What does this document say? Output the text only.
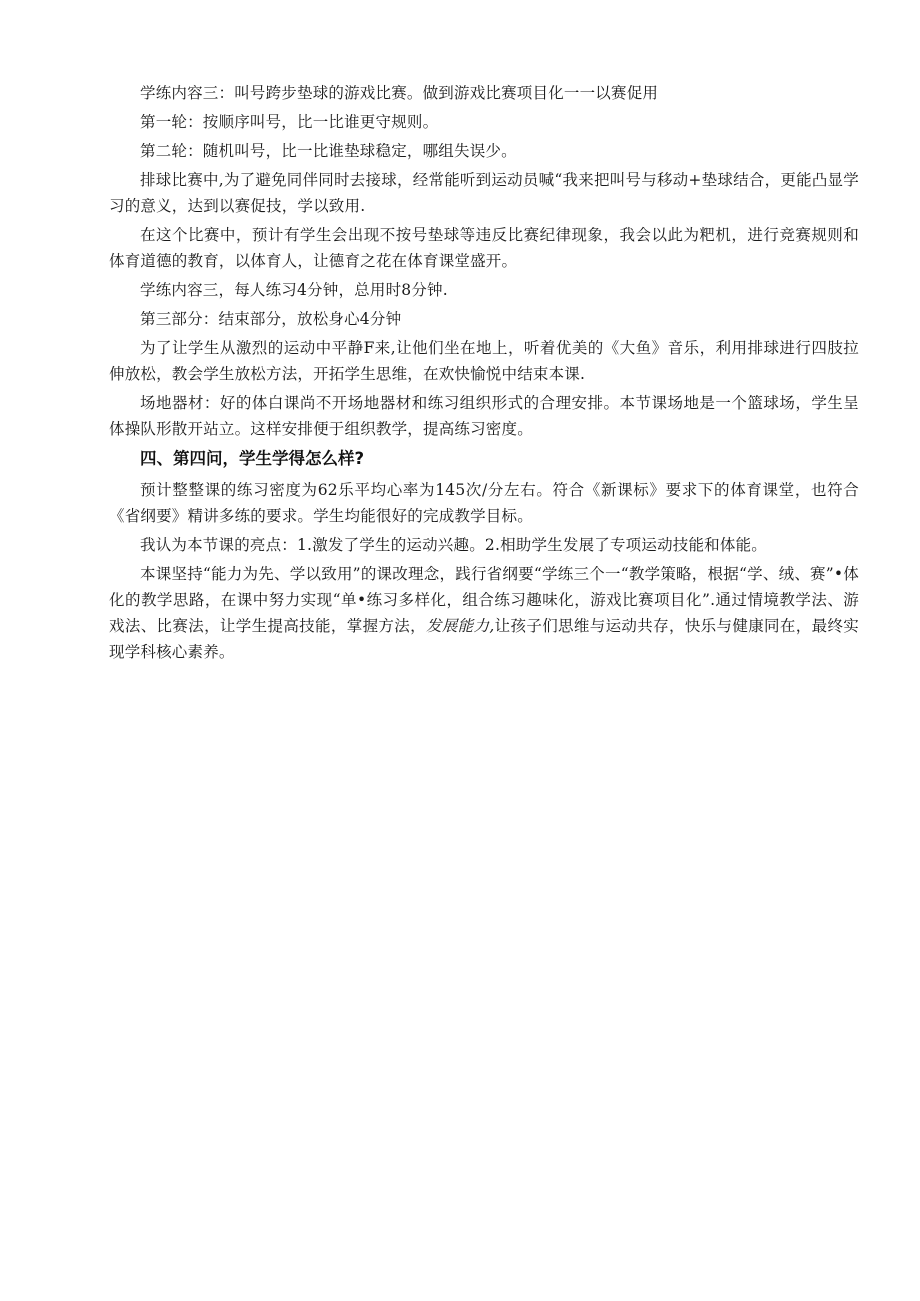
学练内容三：叫号跨步垫球的游戏比赛。做到游戏比赛项目化一一以赛促用

第一轮：按顺序叫号，比一比谁更守规则。

第二轮：随机叫号，比一比谁垫球稳定，哪组失误少。

排球比赛中,为了避免同伴同时去接球，经常能听到运动员喊“我来把叫号与移动+垫球结合，更能凸显学习的意义，达到以赛促技，学以致用.

在这个比赛中，预计有学生会出现不按号垫球等违反比赛纪律现象，我会以此为粑机，进行竞赛规则和体育道德的教育，以体育人，让德育之花在体育课堂盛开。

学练内容三，每人练习4分钟，总用时8分钟.

第三部分：结束部分，放松身心4分钟

为了让学生从激烈的运动中平静F来,让他们坐在地上，听着优美的《大鱼》音乐，利用排球进行四肢拉伸放松，教会学生放松方法，开拓学生思维，在欢快愉悦中结束本课.

场地器材：好的体白课尚不开场地器材和练习组织形式的合理安排。本节课场地是一个篮球场，学生呈体操队形散开站立。这样安排便于组织教学，提高练习密度。

四、第四问，学生学得怎么样?

预计整整课的练习密度为62乐平均心率为145次/分左右。符合《新课标》要求下的体育课堂，也符合《省纲要》精讲多练的要求。学生均能很好的完成教学目标。

我认为本节课的亮点：1.激发了学生的运动兴趣。2.相助学生发展了专项运动技能和体能。

本课坚持“能力为先、学以致用”的课改理念，践行省纲要“学练三个一“教学策略，根据“学、绒、赛”•体化的教学思路，在课中努力实现“单•练习多样化，组合练习趣味化，游戏比赛项目化”.通过情境教学法、游戏法、比赛法，让学生提高技能，掌握方法，发展能力,让孩子们思维与运动共存，快乐与健康同在，最终实现学科核心素养。
